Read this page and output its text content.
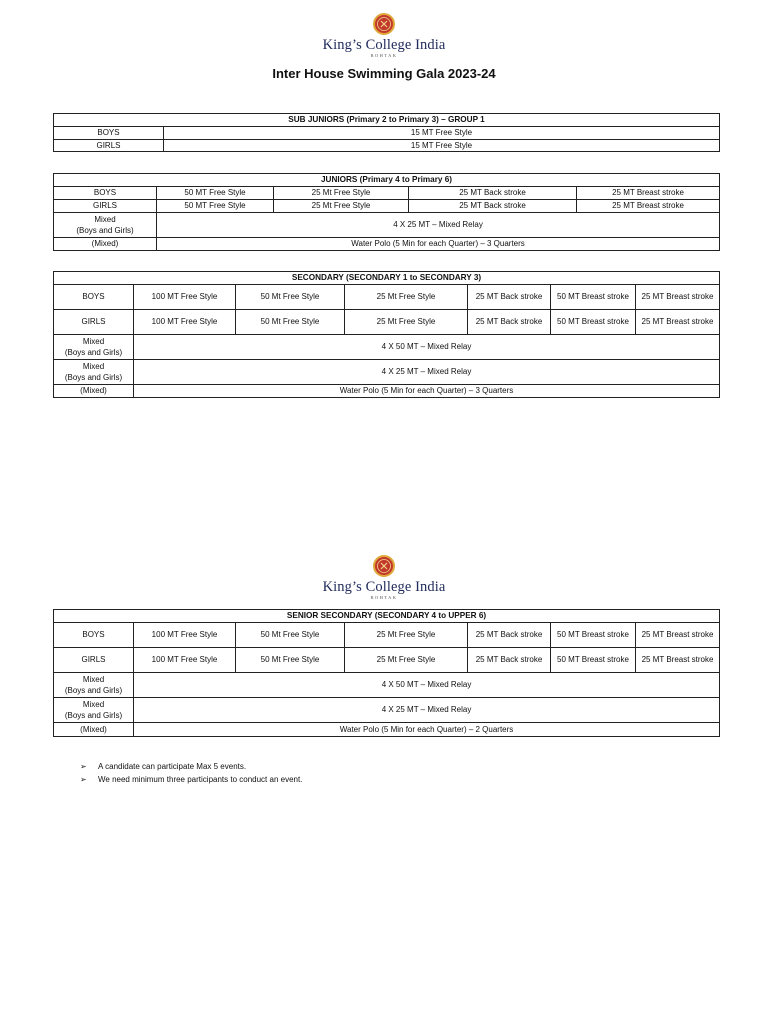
King’s College India
ROHTAK
Inter House Swimming Gala 2023-24
SUB JUNIORS (Primary 2 to Primary 3) – GROUP 1	
BOYS	15 MT Free Style
GIRLS	15 MT Free Style
JUNIORS (Primary 4 to Primary 6)				
BOYS	50 MT Free Style	25 Mt Free Style	25 MT Back stroke	25 MT Breast stroke
GIRLS	50 MT Free Style	25 Mt Free Style	25 MT Back stroke	25 MT Breast stroke

Mixed
(Boys and Girls)	4 X 25 MT – Mixed Relay			
(Mixed)	Water Polo (5 Min for each Quarter) – 3 Quarters			
SECONDARY (SECONDARY 1 to SECONDARY 3)						
BOYS	100 MT Free Style	50 Mt Free Style	25 Mt Free Style	25 MT Back stroke	50 MT Breast stroke	25 MT Breast stroke
GIRLS	100 MT Free Style	50 Mt Free Style	25 Mt Free Style	25 MT Back stroke	50 MT Breast stroke	25 MT Breast stroke

Mixed
(Boys and Girls)	4 X 50 MT – Mixed Relay					

Mixed
(Boys and Girls)	4 X 25 MT – Mixed Relay					
(Mixed)	Water Polo (5 Min for each Quarter) – 3 Quarters					
King’s College India
ROHTAK
SENIOR SECONDARY (SECONDARY 4 to UPPER 6)						
BOYS	100 MT Free Style	50 Mt Free Style	25 Mt Free Style	25 MT Back stroke	50 MT Breast stroke	25 MT Breast stroke
GIRLS	100 MT Free Style	50 Mt Free Style	25 Mt Free Style	25 MT Back stroke	50 MT Breast stroke	25 MT Breast stroke

Mixed
(Boys and Girls)	4 X 50 MT – Mixed Relay					

Mixed
(Boys and Girls)	4 X 25 MT – Mixed Relay					
(Mixed)	Water Polo (5 Min for each Quarter) – 2 Quarters					
➢ A candidate can participate Max 5 events.
➢ We need minimum three participants to conduct an event.
